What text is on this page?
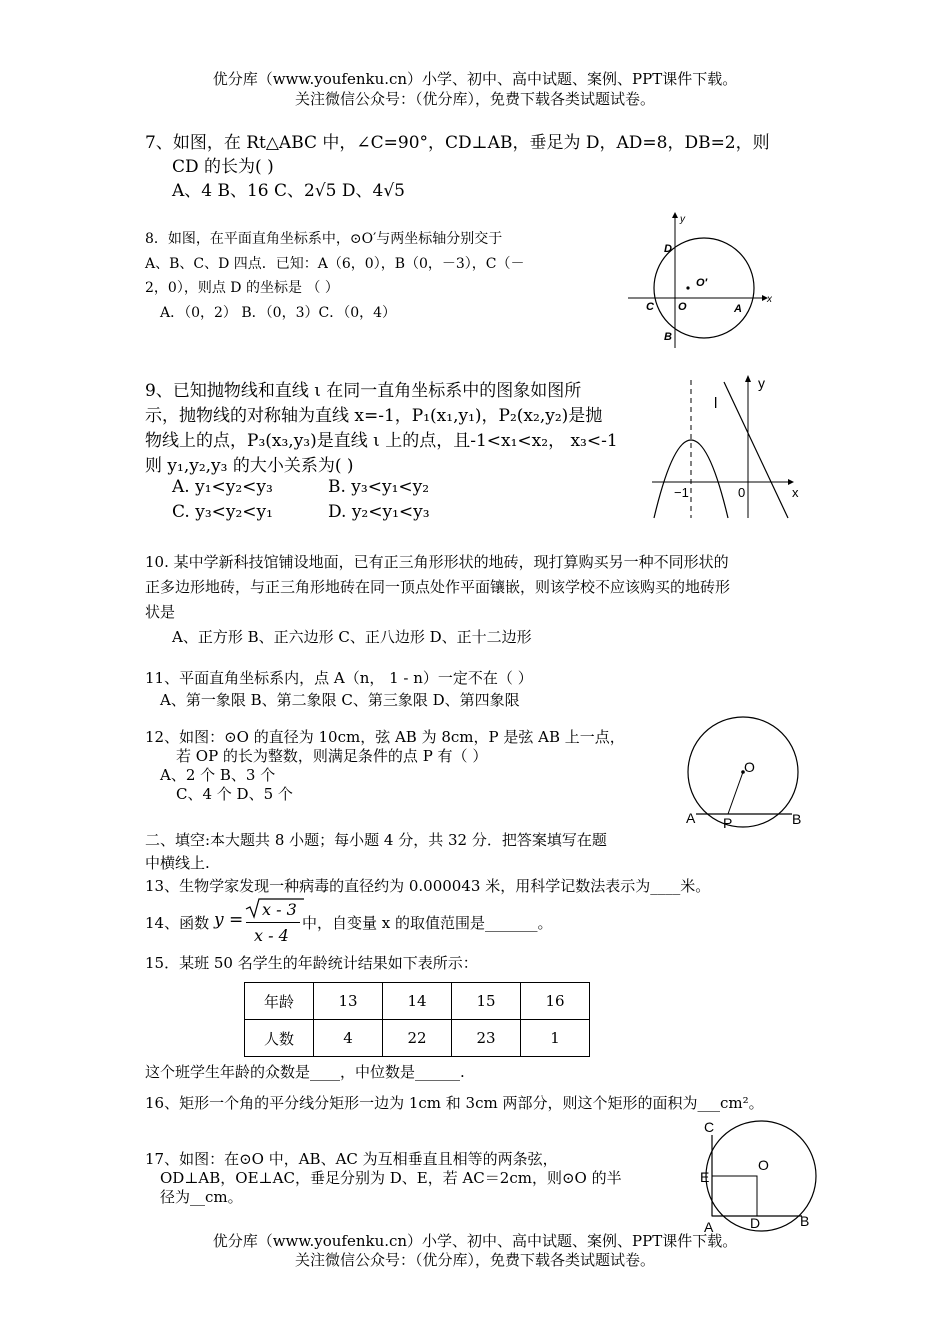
优分库（www.youfenku.cn）小学、初中、高中试题、案例、PPT课件下载。
关注微信公众号：（优分库），免费下载各类试题试卷。
7、如图，在 Rt△ABC 中，∠C=90°，CD⊥AB，垂足为 D，AD=8，DB=2，则
CD 的长为( )
A、4 B、16 C、2√5 D、4√5
8．如图，在平面直角坐标系中，⊙O′与两坐标轴分别交于
A、B、C、D 四点．已知：A（6，0），B（0，－3），C（－
2，0），则点 D 的坐标是 （ ）
A．（0，2） B．（0，3）C．（0，4）
y
x
D
O′
C O	A
B
9、已知抛物线和直线 ι 在同一直角坐标系中的图象如图所
示，抛物线的对称轴为直线 x=-1，P₁(x₁,y₁)，P₂(x₂,y₂)是抛
物线上的点，P₃(x₃,y₃)是直线 ι 上的点，且-1<x₁<x₂， x₃<-1
则 y₁,y₂,y₃ 的大小关系为( )
A. y₁<y₂<y₃	B. y₃<y₁<y₂
C. y₃<y₂<y₁	D. y₂<y₁<y₃
y
l
−1	0	x
10. 某中学新科技馆铺设地面，已有正三角形形状的地砖，现打算购买另一种不同形状的
正多边形地砖，与正三角形地砖在同一顶点处作平面镶嵌，则该学校不应该购买的地砖形
状是
A、正方形 B、正六边形 C、正八边形 D、正十二边形
11、平面直角坐标系内，点 A（n， 1 - n）一定不在（ ）
A、第一象限 B、第二象限 C、第三象限 D、第四象限
12、如图：⊙O 的直径为 10cm，弦 AB 为 8cm，P 是弦 AB 上一点，
若 OP 的长为整数，则满足条件的点 P 有（ ）
A、2 个 B、3 个
C、4 个 D、5 个
O
A P	B
二、填空:本大题共 8 小题；每小题 4 分，共 32 分．把答案填写在题
中横线上.
13、生物学家发现一种病毒的直径约为 0.000043 米，用科学记数法表示为____米。
14、函数 y =
x - 3
x - 4
中，自变量 x 的取值范围是_______。
15．某班 50 名学生的年龄统计结果如下表所示：
年龄	13	14	15	16
人数	4	22	23	1
这个班学生年龄的众数是____，中位数是______.
16、矩形一个角的平分线分矩形一边为 1cm 和 3cm 两部分，则这个矩形的面积为___cm²。
17、如图：在⊙O 中，AB、AC 为互相垂直且相等的两条弦，
OD⊥AB，OE⊥AC，垂足分别为 D、E，若 AC＝2cm，则⊙O 的半
径为__cm。
C
O
E
A	D	B
优分库（www.youfenku.cn）小学、初中、高中试题、案例、PPT课件下载。
关注微信公众号：（优分库），免费下载各类试题试卷。
